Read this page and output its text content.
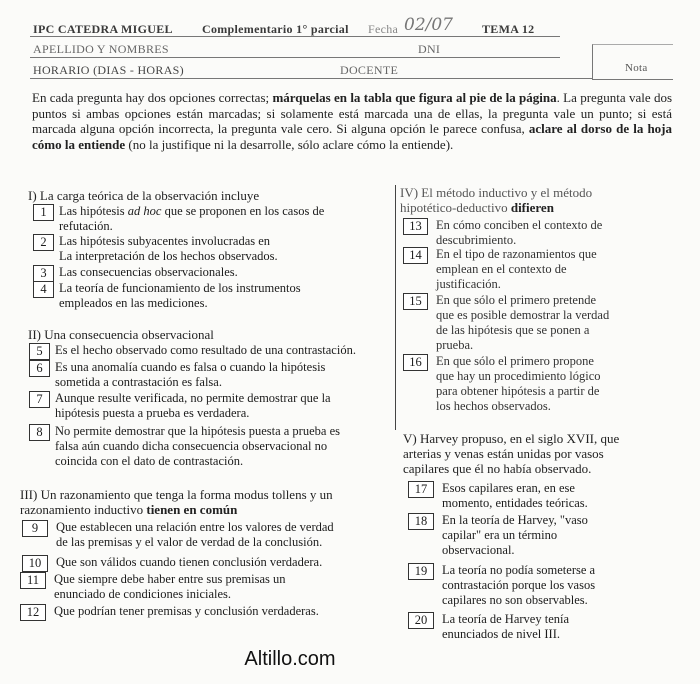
IPC CATEDRA MIGUEL Complementario 1° parcial Fecha 02/07 TEMA 12
APELLIDO Y NOMBRES	DNI
HORARIO (DIAS - HORAS)	DOCENTE	Nota
En cada pregunta hay dos opciones correctas; márquelas en la tabla que figura al pie de la página. La pregunta vale dos puntos si ambas opciones están marcadas; si solamente está marcada una de ellas, la pregunta vale un punto; si está marcada alguna opción incorrecta, la pregunta vale cero. Si alguna opción le parece confusa, aclare al dorso de la hoja cómo la entiende (no la justifique ni la desarrolle, sólo aclare cómo la entiende).
I) La carga teórica de la observación incluye
1 Las hipótesis ad hoc que se proponen en los casos de
refutación.
2 Las hipótesis subyacentes involucradas en
La interpretación de los hechos observados.
3 Las consecuencias observacionales.
4 La teoría de funcionamiento de los instrumentos
empleados en las mediciones.
II) Una consecuencia observacional
5 Es el hecho observado como resultado de una contrastación.
6 Es una anomalía cuando es falsa o cuando la hipótesis
sometida a contrastación es falsa.
7 Aunque resulte verificada, no permite demostrar que la
hipótesis puesta a prueba es verdadera.
8 No permite demostrar que la hipótesis puesta a prueba es
falsa aún cuando dicha consecuencia observacional no
coincida con el dato de contrastación.
III) Un razonamiento que tenga la forma modus tollens y un
razonamiento inductivo tienen en común
9	Que establecen una relación entre los valores de verdad
de las premisas y el valor de verdad de la conclusión.
10	Que son válidos cuando tienen conclusión verdadera.
11	Que siempre debe haber entre sus premisas un
enunciado de condiciones iniciales.
12	Que podrían tener premisas y conclusión verdaderas.
IV) El método inductivo y el método
hipotético-deductivo difieren
13	En cómo conciben el contexto de
descubrimiento.
14	En el tipo de razonamientos que
emplean en el contexto de
justificación.
15	En que sólo el primero pretende
que es posible demostrar la verdad
de las hipótesis que se ponen a
prueba.
16	En que sólo el primero propone
que hay un procedimiento lógico
para obtener hipótesis a partir de
los hechos observados.
V) Harvey propuso, en el siglo XVII, que
arterias y venas están unidas por vasos
capilares que él no había observado.
17	Esos capilares eran, en ese
momento, entidades teóricas.
18	En la teoría de Harvey, "vaso
capilar" era un término
observacional.
19	La teoría no podía someterse a
contrastación porque los vasos
capilares no son observables.
20	La teoría de Harvey tenía
enunciados de nivel III.
Altillo.com
